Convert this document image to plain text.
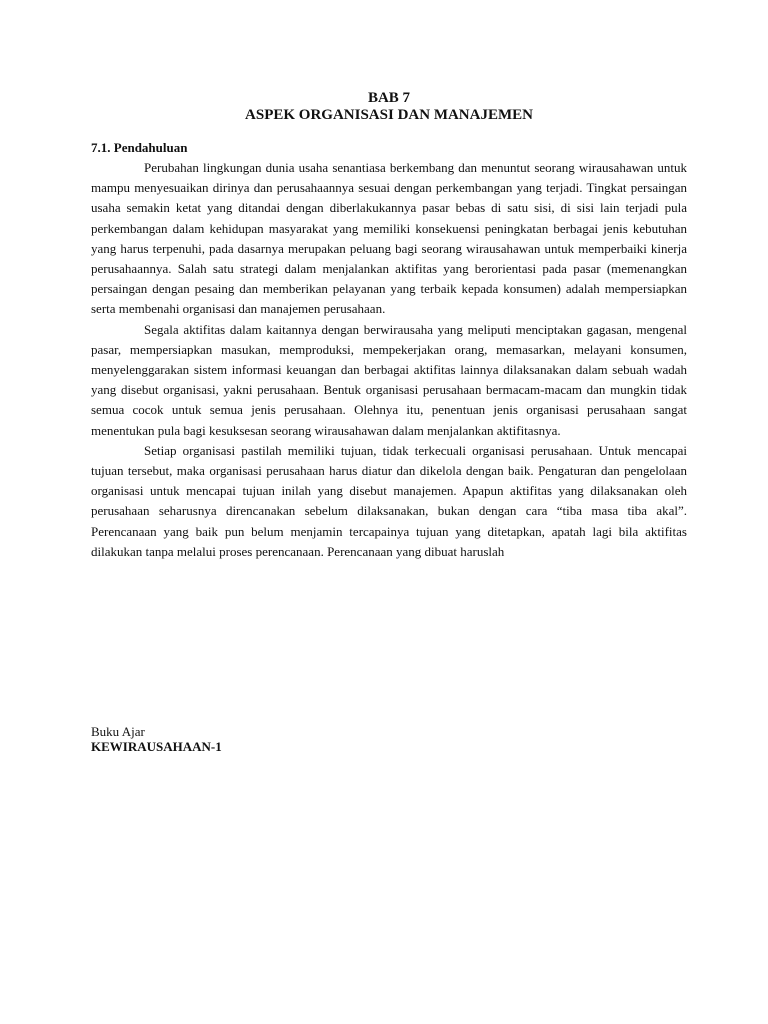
BAB 7
ASPEK ORGANISASI DAN MANAJEMEN
7.1. Pendahuluan

Perubahan lingkungan dunia usaha senantiasa berkembang dan menuntut seorang wirausahawan untuk mampu menyesuaikan dirinya dan perusahaannya sesuai dengan perkembangan yang terjadi. Tingkat persaingan usaha semakin ketat yang ditandai dengan diberlakukannya pasar bebas di satu sisi, di sisi lain terjadi pula perkembangan dalam kehidupan masyarakat yang memiliki konsekuensi peningkatan berbagai jenis kebutuhan yang harus terpenuhi, pada dasarnya merupakan peluang bagi seorang wirausahawan untuk memperbaiki kinerja perusahaannya. Salah satu strategi dalam menjalankan aktifitas yang berorientasi pada pasar (memenangkan persaingan dengan pesaing dan memberikan pelayanan yang terbaik kepada konsumen) adalah mempersiapkan serta membenahi organisasi dan manajemen perusahaan.

Segala aktifitas dalam kaitannya dengan berwirausaha yang meliputi menciptakan gagasan, mengenal pasar, mempersiapkan masukan, memproduksi, mempekerjakan orang, memasarkan, melayani konsumen, menyelenggarakan sistem informasi keuangan dan berbagai aktifitas lainnya dilaksanakan dalam sebuah wadah yang disebut organisasi, yakni perusahaan. Bentuk organisasi perusahaan bermacam-macam dan mungkin tidak semua cocok untuk semua jenis perusahaan. Olehnya itu, penentuan jenis organisasi perusahaan sangat menentukan pula bagi kesuksesan seorang wirausahawan dalam menjalankan aktifitasnya.

Setiap organisasi pastilah memiliki tujuan, tidak terkecuali organisasi perusahaan. Untuk mencapai tujuan tersebut, maka organisasi perusahaan harus diatur dan dikelola dengan baik. Pengaturan dan pengelolaan organisasi untuk mencapai tujuan inilah yang disebut manajemen. Apapun aktifitas yang dilaksanakan oleh perusahaan seharusnya direncanakan sebelum dilaksanakan, bukan dengan cara “tiba masa tiba akal”. Perencanaan yang baik pun belum menjamin tercapainya tujuan yang ditetapkan, apatah lagi bila aktifitas dilakukan tanpa melalui proses perencanaan. Perencanaan yang dibuat haruslah

Buku Ajar
KEWIRAUSAHAAN-1
